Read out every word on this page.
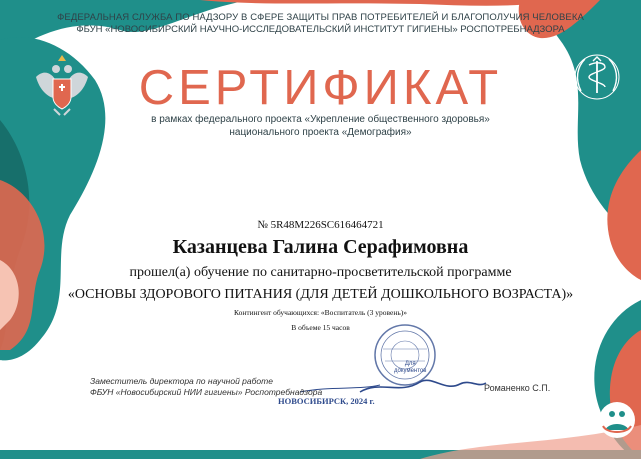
ФЕДЕРАЛЬНАЯ СЛУЖБА ПО НАДЗОРУ В СФЕРЕ ЗАЩИТЫ ПРАВ ПОТРЕБИТЕЛЕЙ И БЛАГОПОЛУЧИЯ ЧЕЛОВЕКА
ФБУН «НОВОСИБИРСКИЙ НАУЧНО-ИССЛЕДОВАТЕЛЬСКИЙ ИНСТИТУТ ГИГИЕНЫ» РОСПОТРЕБНАДЗОРА
СЕРТИФИКАТ
в рамках федерального проекта «Укрепление общественного здоровья»
национального проекта «Демография»
№ 5R48M226SC616464721
Казанцева Галина Серафимовна
прошел(а) обучение по санитарно-просветительской программе
«ОСНОВЫ ЗДОРОВОГО ПИТАНИЯ (ДЛЯ ДЕТЕЙ ДОШКОЛЬНОГО ВОЗРАСТА)»
Контингент обучающихся: «Воспитатель (3 уровень)»
В объеме 15 часов
Для
документов
Заместитель директора по научной работе
ФБУН «Новосибирский НИИ гигиены» Роспотребнадзора	Романенко С.П.
НОВОСИБИРСК, 2024 г.
